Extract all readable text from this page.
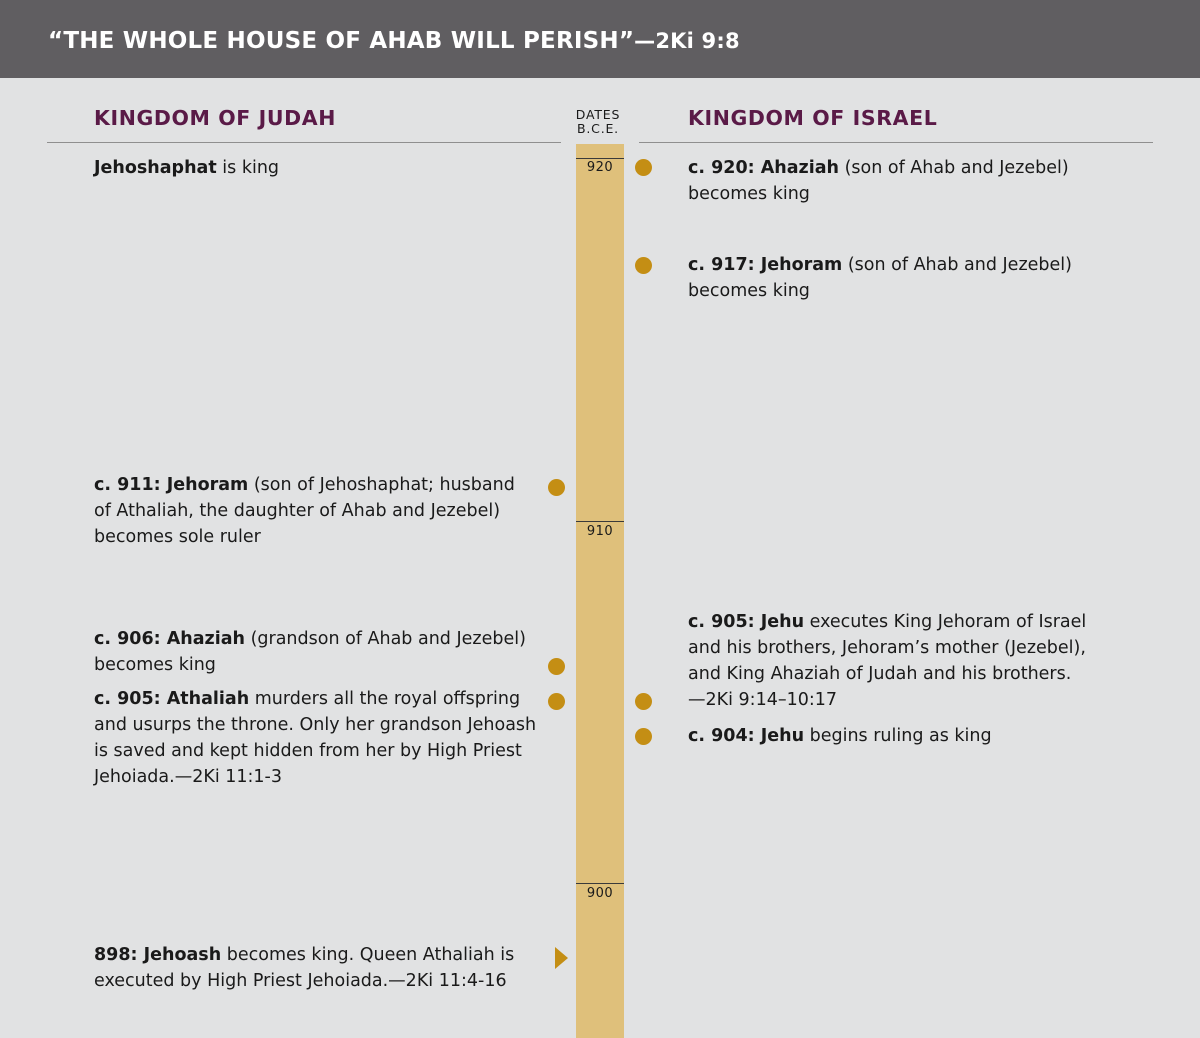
“THE WHOLE HOUSE OF AHAB WILL PERISH”—2Ki 9:8
KINGDOM OF JUDAH	KINGDOM OF ISRAEL
DATES
B.C.E.
920
910
900
Jehoshaphat is king
c. 911: Jehoram (son of Jehoshaphat; husband
of Athaliah, the daughter of Ahab and Jezebel)
becomes sole ruler
c. 906: Ahaziah (grandson of Ahab and Jezebel)
becomes king
c. 905: Athaliah murders all the royal offspring
and usurps the throne. Only her grandson Jehoash
is saved and kept hidden from her by High Priest
Jehoiada.—2Ki 11:1-3
898: Jehoash becomes king. Queen Athaliah is
executed by High Priest Jehoiada.—2Ki 11:4-16
c. 920: Ahaziah (son of Ahab and Jezebel)
becomes king
c. 917: Jehoram (son of Ahab and Jezebel)
becomes king
c. 905: Jehu executes King Jehoram of Israel
and his brothers, Jehoram’s mother (Jezebel),
and King Ahaziah of Judah and his brothers.
—2Ki 9:14–10:17
c. 904: Jehu begins ruling as king
